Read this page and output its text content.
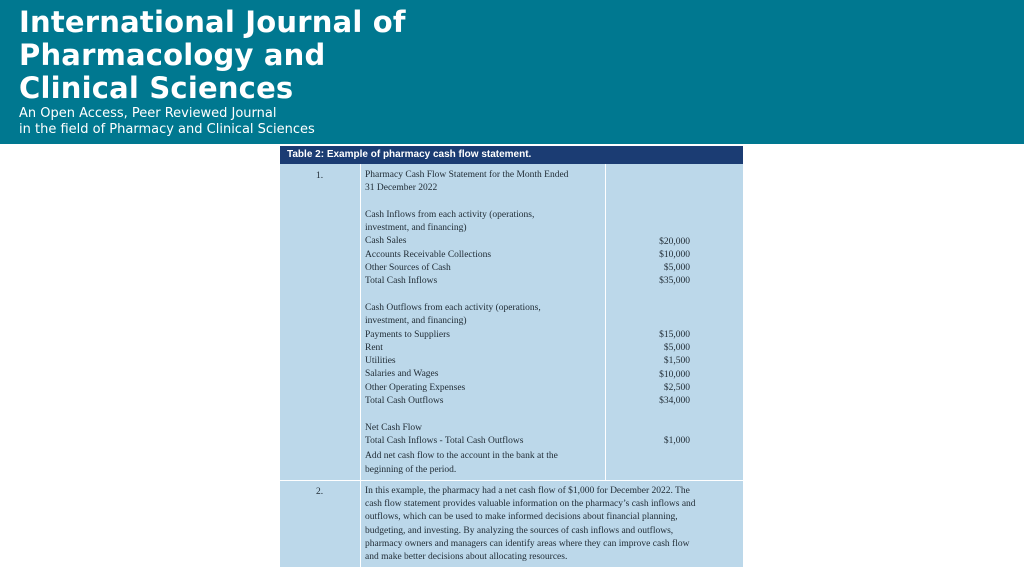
International Journal of
Pharmacology and
Clinical Sciences

An Open Access, Peer Reviewed Journal
in the field of Pharmacy and Clinical Sciences

Table 2: Example of pharmacy cash flow statement.
1.	Pharmacy Cash Flow Statement for the Month Ended
31 December 2022
Cash Inflows from each activity (operations,
investment, and financing)
Cash Sales
Accounts Receivable Collections
Other Sources of Cash
Total Cash Inflows
Cash Outflows from each activity (operations,
investment, and financing)
Payments to Suppliers
Rent
Utilities
Salaries and Wages
Other Operating Expenses
Total Cash Outflows
Net Cash Flow
Total Cash Inflows - Total Cash Outflows
Add net cash flow to the account in the bank at the
beginning of the period.
$20,000
$10,000
$5,000
$35,000
$15,000
$5,000
$1,500
$10,000
$2,500
$34,000
$1,000
2.	In this example, the pharmacy had a net cash flow of $1,000 for December 2022. The
cash flow statement provides valuable information on the pharmacy’s cash inflows and
outflows, which can be used to make informed decisions about financial planning,
budgeting, and investing. By analyzing the sources of cash inflows and outflows,
pharmacy owners and managers can identify areas where they can improve cash flow
and make better decisions about allocating resources.
